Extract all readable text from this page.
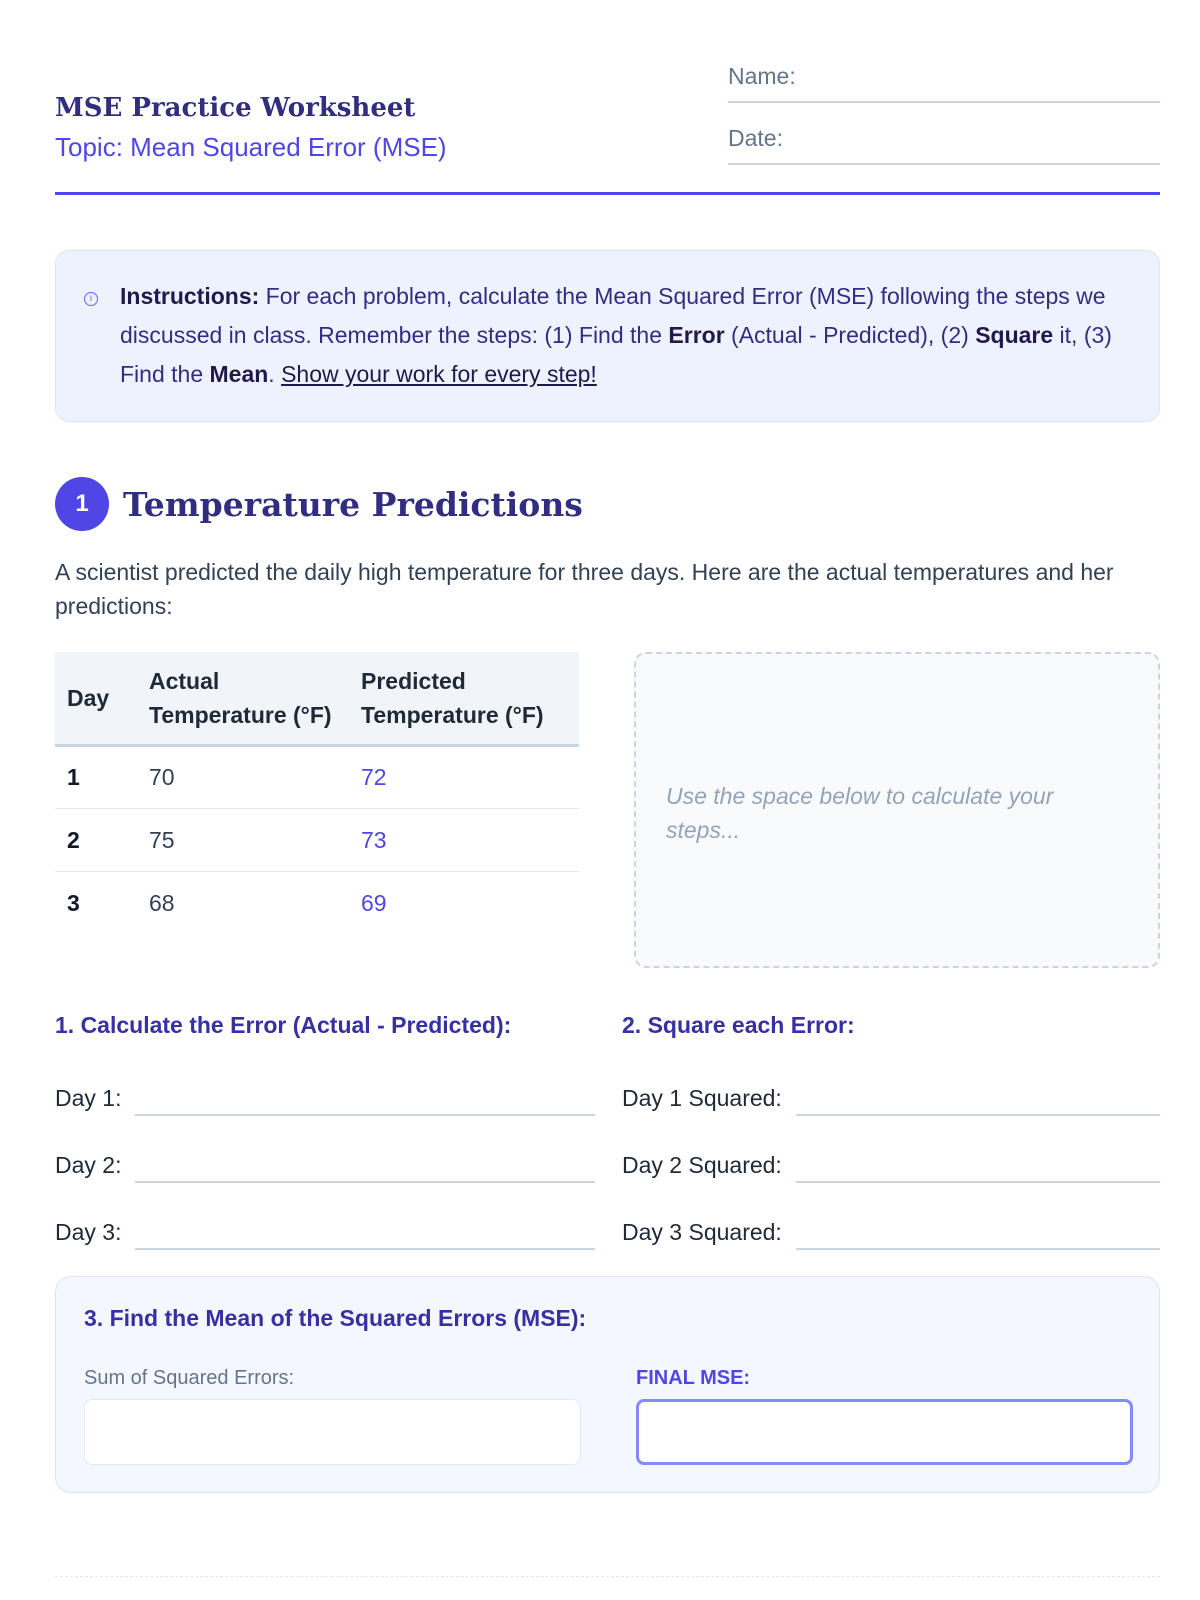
MSE Practice Worksheet
Topic: Mean Squared Error (MSE)
Name:
Date:
i Instructions: For each problem, calculate the Mean Squared Error (MSE) following the steps we discussed in class. Remember the steps: (1) Find the Error (Actual - Predicted), (2) Square it, (3) Find the Mean. Show your work for every step!

1	Temperature Predictions
A scientist predicted the daily high temperature for three days. Here are the actual temperatures and her predictions:
Day	Actual Temperature (°F)	Predicted Temperature (°F)
1	70	72
2	75	73
3	68	69
Use the space below to calculate your steps...
1. Calculate the Error (Actual - Predicted):
Day 1:
Day 2:
Day 3:
2. Square each Error:
Day 1 Squared:
Day 2 Squared:
Day 3 Squared:
3. Find the Mean of the Squared Errors (MSE):
Sum of Squared Errors:	FINAL MSE:
